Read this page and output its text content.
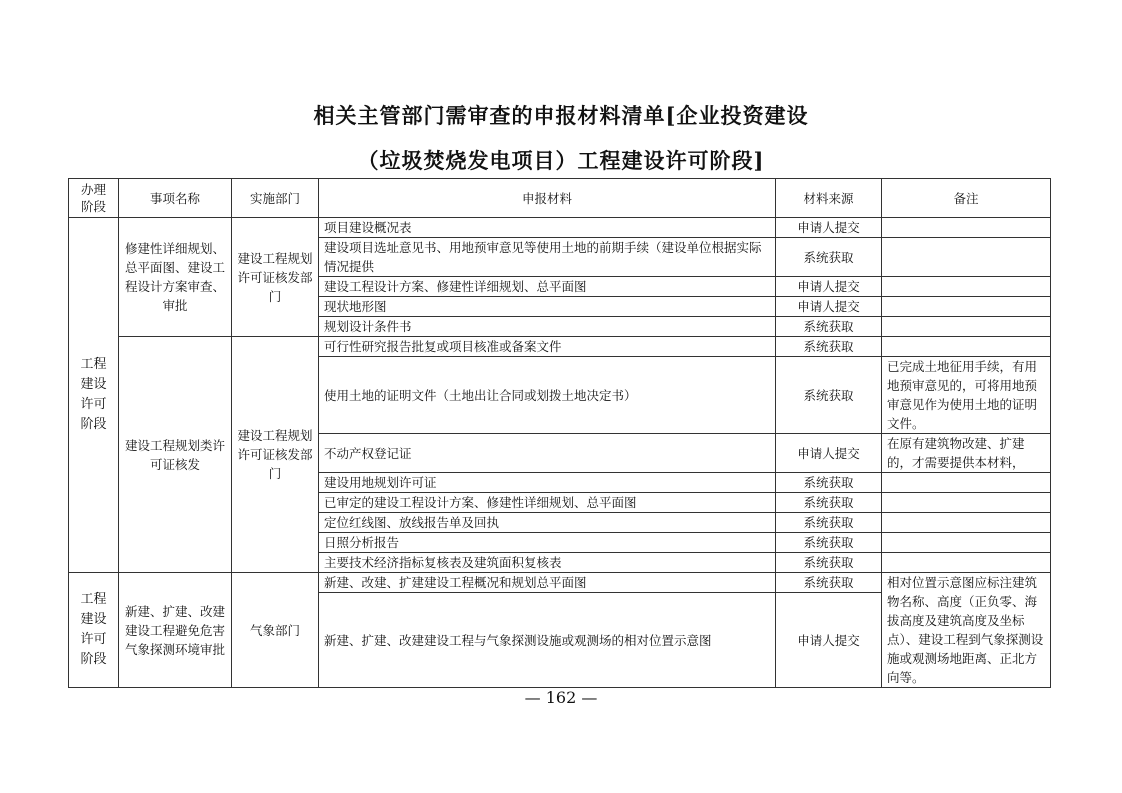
相关主管部门需审查的申报材料清单[企业投资建设
（垃圾焚烧发电项目）工程建设许可阶段]
办理
阶段	事项名称	实施部门	申报材料	材料来源	备注
工程
建设
许可
阶段	修建性详细规划、总平面图、建设工程设计方案审查、审批	建设工程规划许可证核发部门	项目建设概况表	申请人提交	
			建设项目选址意见书、用地预审意见等使用土地的前期手续（建设单位根据实际情况提供	系统获取	
			建设工程设计方案、修建性详细规划、总平面图	申请人提交	
			现状地形图	申请人提交	
			规划设计条件书	系统获取	
	建设工程规划类许可证核发	建设工程规划许可证核发部门	可行性研究报告批复或项目核准或备案文件	系统获取	
			使用土地的证明文件（土地出让合同或划拨土地决定书）	系统获取	已完成土地征用手续，有用地预审意见的，可将用地预审意见作为使用土地的证明文件。
			不动产权登记证	申请人提交	在原有建筑物改建、扩建的，才需要提供本材料，
			建设用地规划许可证	系统获取	
			已审定的建设工程设计方案、修建性详细规划、总平面图	系统获取	
			定位红线图、放线报告单及回执	系统获取	
			日照分析报告	系统获取	
			主要技术经济指标复核表及建筑面积复核表	系统获取	
工程
建设
许可
阶段	新建、扩建、改建建设工程避免危害气象探测环境审批	气象部门	新建、改建、扩建建设工程概况和规划总平面图	系统获取	相对位置示意图应标注建筑物名称、高度（正负零、海拔高度及建筑高度及坐标点）、建设工程到气象探测设施或观测场地距离、正北方向等。
			新建、扩建、改建建设工程与气象探测设施或观测场的相对位置示意图	申请人提交	
— 162 —
